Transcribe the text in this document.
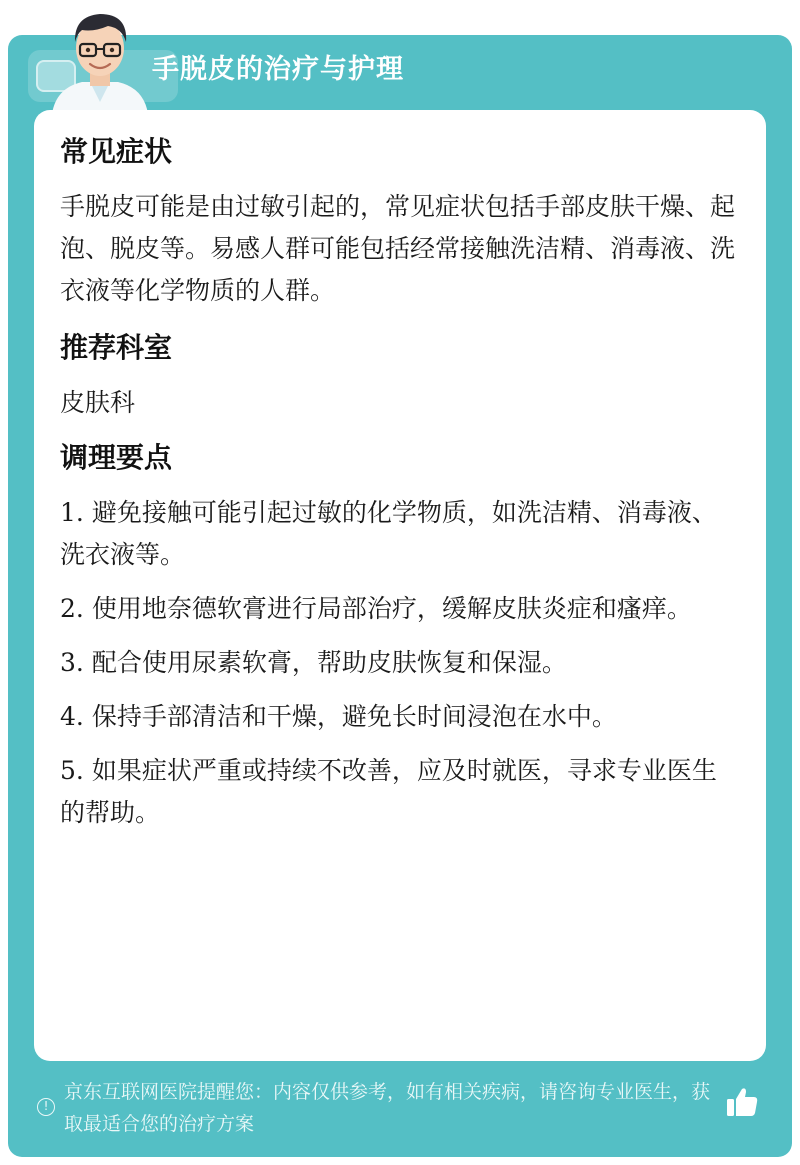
手脱皮的治疗与护理
常见症状
手脱皮可能是由过敏引起的，常见症状包括手部皮肤干燥、起泡、脱皮等。易感人群可能包括经常接触洗洁精、消毒液、洗衣液等化学物质的人群。
推荐科室
皮肤科
调理要点
1. 避免接触可能引起过敏的化学物质，如洗洁精、消毒液、洗衣液等。
2. 使用地奈德软膏进行局部治疗，缓解皮肤炎症和瘙痒。
3. 配合使用尿素软膏，帮助皮肤恢复和保湿。
4. 保持手部清洁和干燥，避免长时间浸泡在水中。
5. 如果症状严重或持续不改善，应及时就医，寻求专业医生的帮助。
!
京东互联网医院提醒您：内容仅供参考，如有相关疾病，请咨询专业医生，获取最适合您的治疗方案
